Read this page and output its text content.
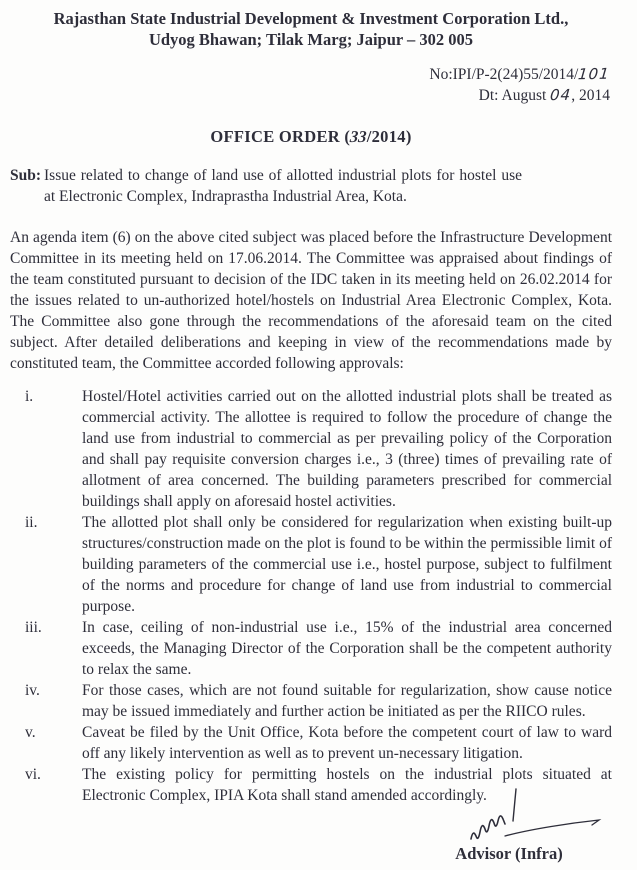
Rajasthan State Industrial Development & Investment Corporation Ltd.,
Udyog Bhawan; Tilak Marg; Jaipur – 302 005
No:IPI/P-2(24)55/2014/101
Dt: August 04, 2014
OFFICE ORDER (33/2014)
Sub: Issue related to change of land use of allotted industrial plots for hostel use at Electronic Complex, Indraprastha Industrial Area, Kota.
An agenda item (6) on the above cited subject was placed before the Infrastructure Development Committee in its meeting held on 17.06.2014. The Committee was appraised about findings of the team constituted pursuant to decision of the IDC taken in its meeting held on 26.02.2014 for the issues related to un-authorized hotel/hostels on Industrial Area Electronic Complex, Kota. The Committee also gone through the recommendations of the aforesaid team on the cited subject. After detailed deliberations and keeping in view of the recommendations made by constituted team, the Committee accorded following approvals:
i.	Hostel/Hotel activities carried out on the allotted industrial plots shall be treated as commercial activity. The allottee is required to follow the procedure of change the land use from industrial to commercial as per prevailing policy of the Corporation and shall pay requisite conversion charges i.e., 3 (three) times of prevailing rate of allotment of area concerned. The building parameters prescribed for commercial buildings shall apply on aforesaid hostel activities.
ii.	The allotted plot shall only be considered for regularization when existing built-up structures/construction made on the plot is found to be within the permissible limit of building parameters of the commercial use i.e., hostel purpose, subject to fulfilment of the norms and procedure for change of land use from industrial to commercial purpose.
iii.	In case, ceiling of non-industrial use i.e., 15% of the industrial area concerned exceeds, the Managing Director of the Corporation shall be the competent authority to relax the same.
iv.	For those cases, which are not found suitable for regularization, show cause notice may be issued immediately and further action be initiated as per the RIICO rules.
v.	Caveat be filed by the Unit Office, Kota before the competent court of law to ward off any likely intervention as well as to prevent un-necessary litigation.
vi.	The existing policy for permitting hostels on the industrial plots situated at Electronic Complex, IPIA Kota shall stand amended accordingly.
Advisor (Infra)
